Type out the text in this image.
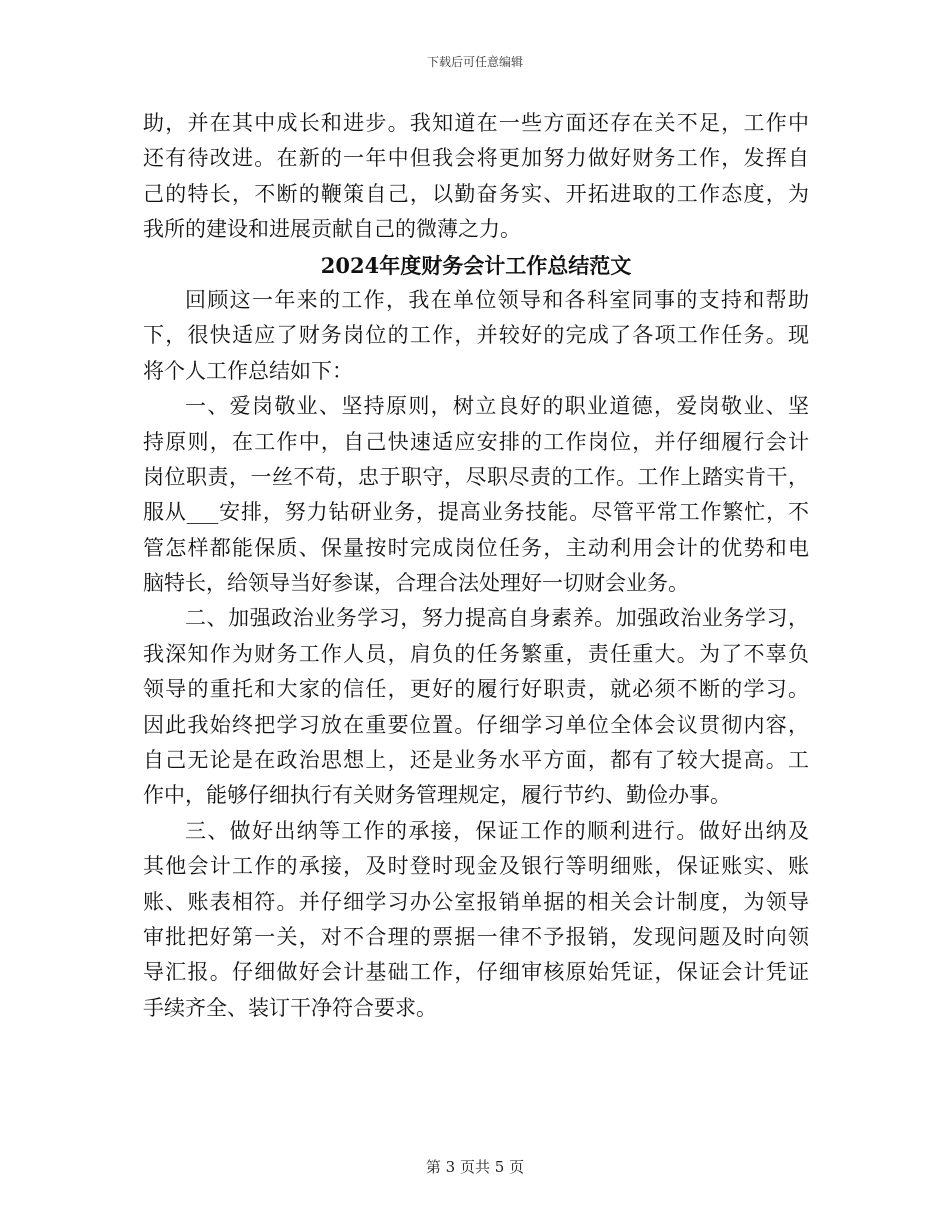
下载后可任意编辑
助，并在其中成长和进步。我知道在一些方面还存在关不足，工作中
还有待改进。在新的一年中但我会将更加努力做好财务工作，发挥自
己的特长，不断的鞭策自己，以勤奋务实、开拓进取的工作态度，为
我所的建设和进展贡献自己的微薄之力。
2024年度财务会计工作总结范文
回顾这一年来的工作，我在单位领导和各科室同事的支持和帮助
下，很快适应了财务岗位的工作，并较好的完成了各项工作任务。现
将个人工作总结如下：
一、爱岗敬业、坚持原则，树立良好的职业道德，爱岗敬业、坚
持原则，在工作中，自己快速适应安排的工作岗位，并仔细履行会计
岗位职责，一丝不苟，忠于职守，尽职尽责的工作。工作上踏实肯干，
服从___安排，努力钻研业务，提高业务技能。尽管平常工作繁忙，不
管怎样都能保质、保量按时完成岗位任务，主动利用会计的优势和电
脑特长，给领导当好参谋，合理合法处理好一切财会业务。
二、加强政治业务学习，努力提高自身素养。加强政治业务学习，
我深知作为财务工作人员，肩负的任务繁重，责任重大。为了不辜负
领导的重托和大家的信任，更好的履行好职责，就必须不断的学习。
因此我始终把学习放在重要位置。仔细学习单位全体会议贯彻内容，
自己无论是在政治思想上，还是业务水平方面，都有了较大提高。工
作中，能够仔细执行有关财务管理规定，履行节约、勤俭办事。
三、做好出纳等工作的承接，保证工作的顺利进行。做好出纳及
其他会计工作的承接，及时登时现金及银行等明细账，保证账实、账
账、账表相符。并仔细学习办公室报销单据的相关会计制度，为领导
审批把好第一关，对不合理的票据一律不予报销，发现问题及时向领
导汇报。仔细做好会计基础工作，仔细审核原始凭证，保证会计凭证
手续齐全、装订干净符合要求。
第 3 页共 5 页
